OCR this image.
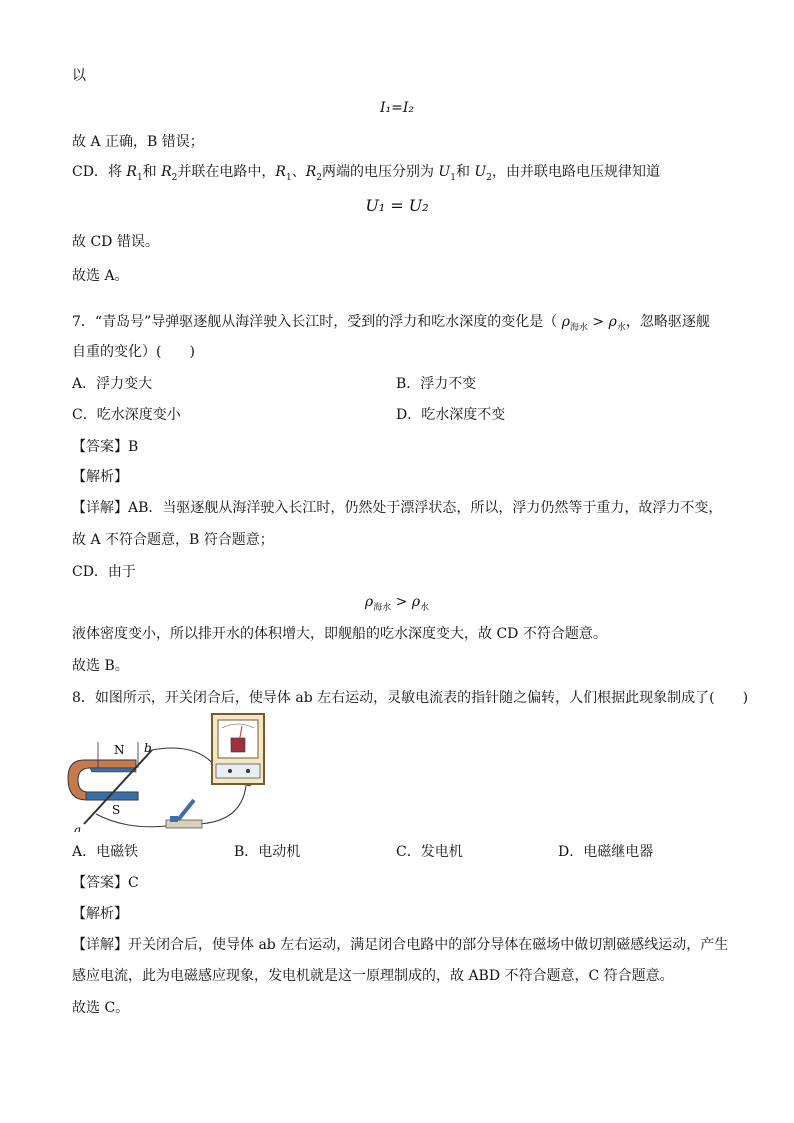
以
I₁=I₂
故 A 正确，B 错误；
CD．将 $R_1$和 $R_2$并联在电路中，$R_1$、$R_2$两端的电压分别为 $U_1$和 $U_2$，由并联电路电压规律知道
U₁ = U₂
故 CD 错误。
故选 A。
7．“青岛号”导弹驱逐舰从海洋驶入长江时，受到的浮力和吃水深度的变化是（ $\rho_{海水} > \rho_水$，忽略驱逐舰
自重的变化）(　　)
A．浮力变大	B．浮力不变
C．吃水深度变小	D．吃水深度不变
【答案】B
【解析】
【详解】AB．当驱逐舰从海洋驶入长江时，仍然处于漂浮状态，所以，浮力仍然等于重力，故浮力不变，
故 A 不符合题意，B 符合题意；
CD．由于
$\rho_{海水} > \rho_水$
液体密度变小，所以排开水的体积增大，即舰船的吃水深度变大，故 CD 不符合题意。
故选 B。
8．如图所示，开关闭合后，使导体 ab 左右运动，灵敏电流表的指针随之偏转，人们根据此现象制成了(　　)
N
S
a
b
A．电磁铁	B．电动机	C．发电机	D．电磁继电器
【答案】C
【解析】
【详解】开关闭合后，使导体 ab 左右运动，满足闭合电路中的部分导体在磁场中做切割磁感线运动，产生
感应电流，此为电磁感应现象，发电机就是这一原理制成的，故 ABD 不符合题意，C 符合题意。
故选 C。
